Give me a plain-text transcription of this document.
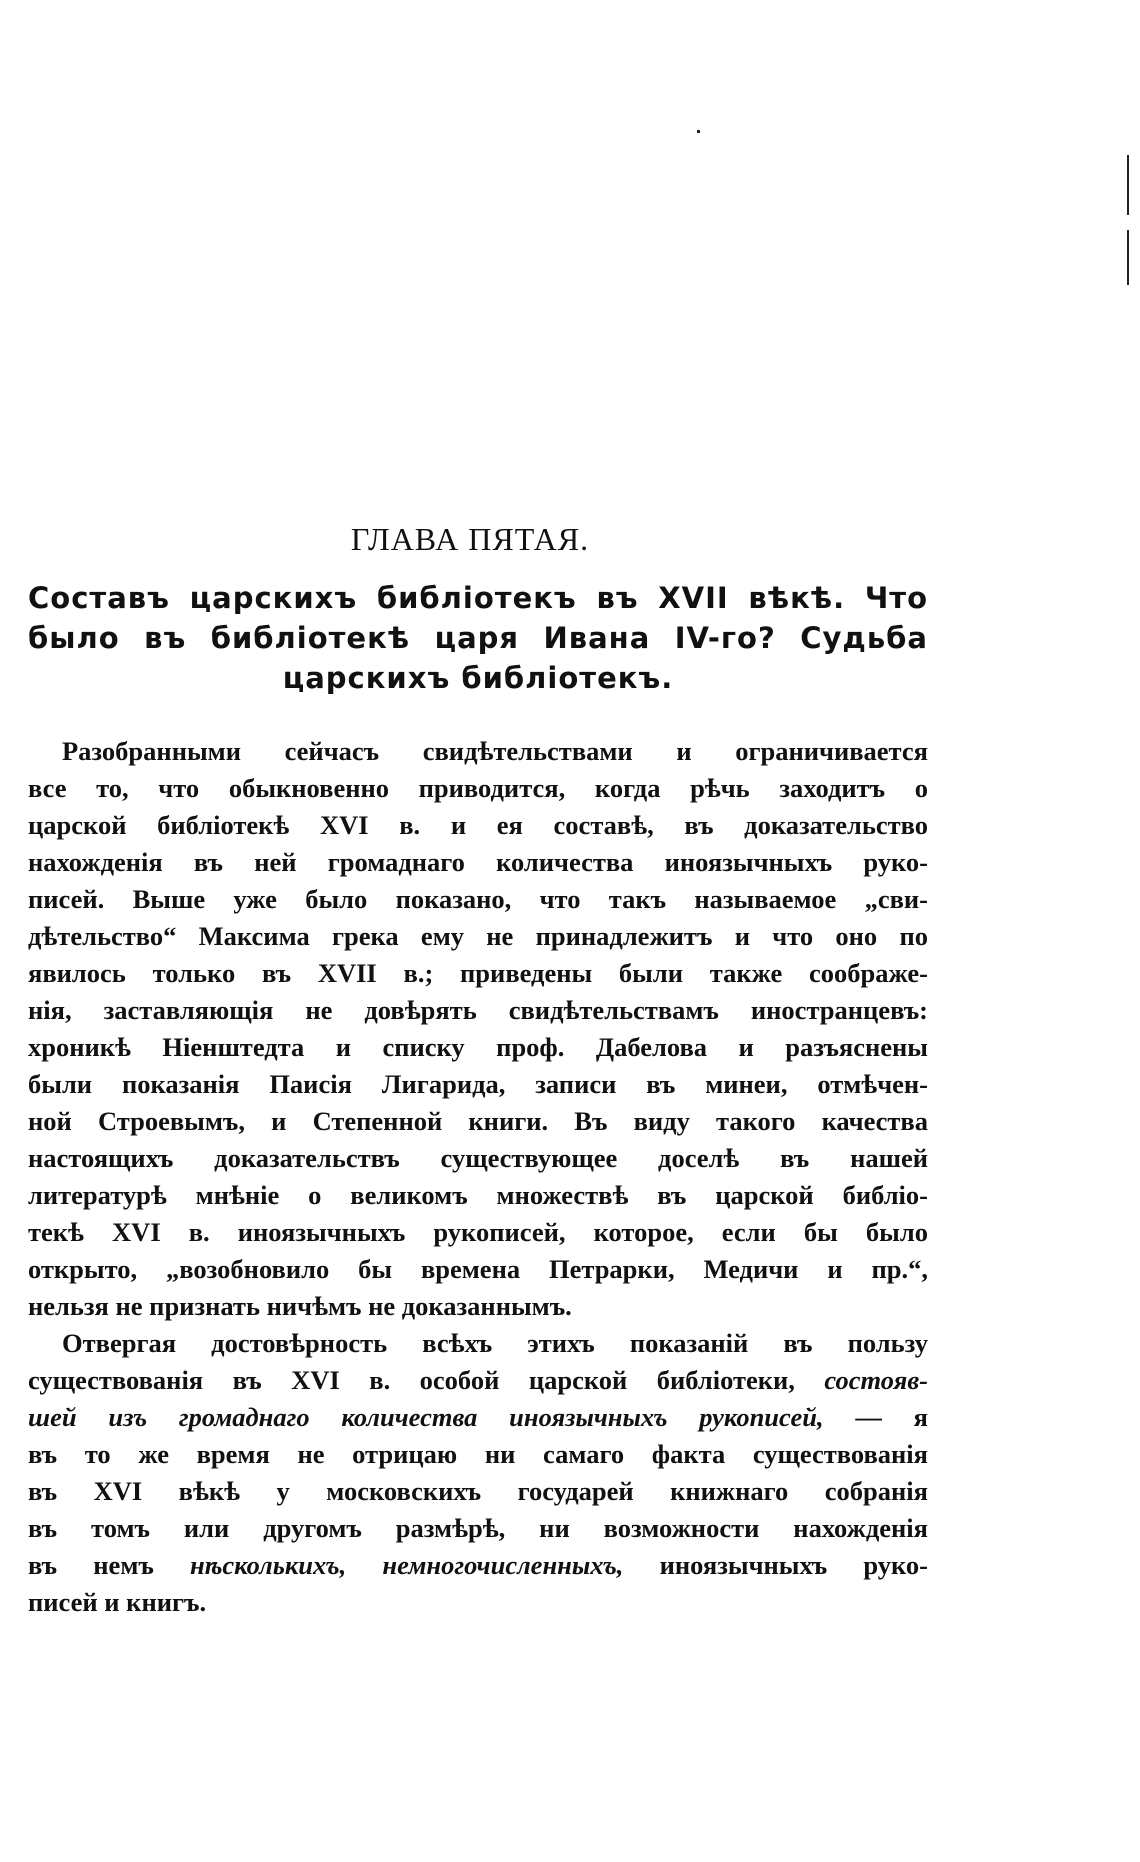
ГЛАВА ПЯТАЯ.
Составъ царскихъ библіотекъ въ XVII вѣкѣ. Что
было въ библіотекѣ царя Ивана IV-го? Судьба
царскихъ библіотекъ.

Разобранными сейчасъ свидѣтельствами и ограничивается
все то, что обыкновенно приводится, когда рѣчь заходитъ о
царской библіотекѣ XVI в. и ея составѣ, въ доказательство
нахожденія въ ней громаднаго количества иноязычныхъ руко-
писей. Выше уже было показано, что такъ называемое „сви-
дѣтельство“ Максима грека ему не принадлежитъ и что оно по
явилось только въ XVII в.; приведены были также соображе-
нія, заставляющія не довѣрять свидѣтельствамъ иностранцевъ:
хроникѣ Ніенштедта и списку проф. Дабелова и разъяснены
были показанія Паисія Лигарида, записи въ минеи, отмѣчен-
ной Строевымъ, и Степенной книги. Въ виду такого качества
настоящихъ доказательствъ существующее доселѣ въ нашей
литературѣ мнѣніе о великомъ множествѣ въ царской библіо-
текѣ XVI в. иноязычныхъ рукописей, которое, если бы было
открыто, „возобновило бы времена Петрарки, Медичи и пр.“,
нельзя не признать ничѣмъ не доказаннымъ.

Отвергая достовѣрность всѣхъ этихъ показаній въ пользу
существованія въ XVI в. особой царской библіотеки, состояв-
шей изъ громаднаго количества иноязычныхъ рукописей, — я
въ то же время не отрицаю ни самаго факта существованія
въ XVI вѣкѣ у московскихъ государей книжнаго собранія
въ томъ или другомъ размѣрѣ, ни возможности нахожденія
въ немъ нѣсколькихъ, немногочисленныхъ, иноязычныхъ руко-
писей и книгъ.
